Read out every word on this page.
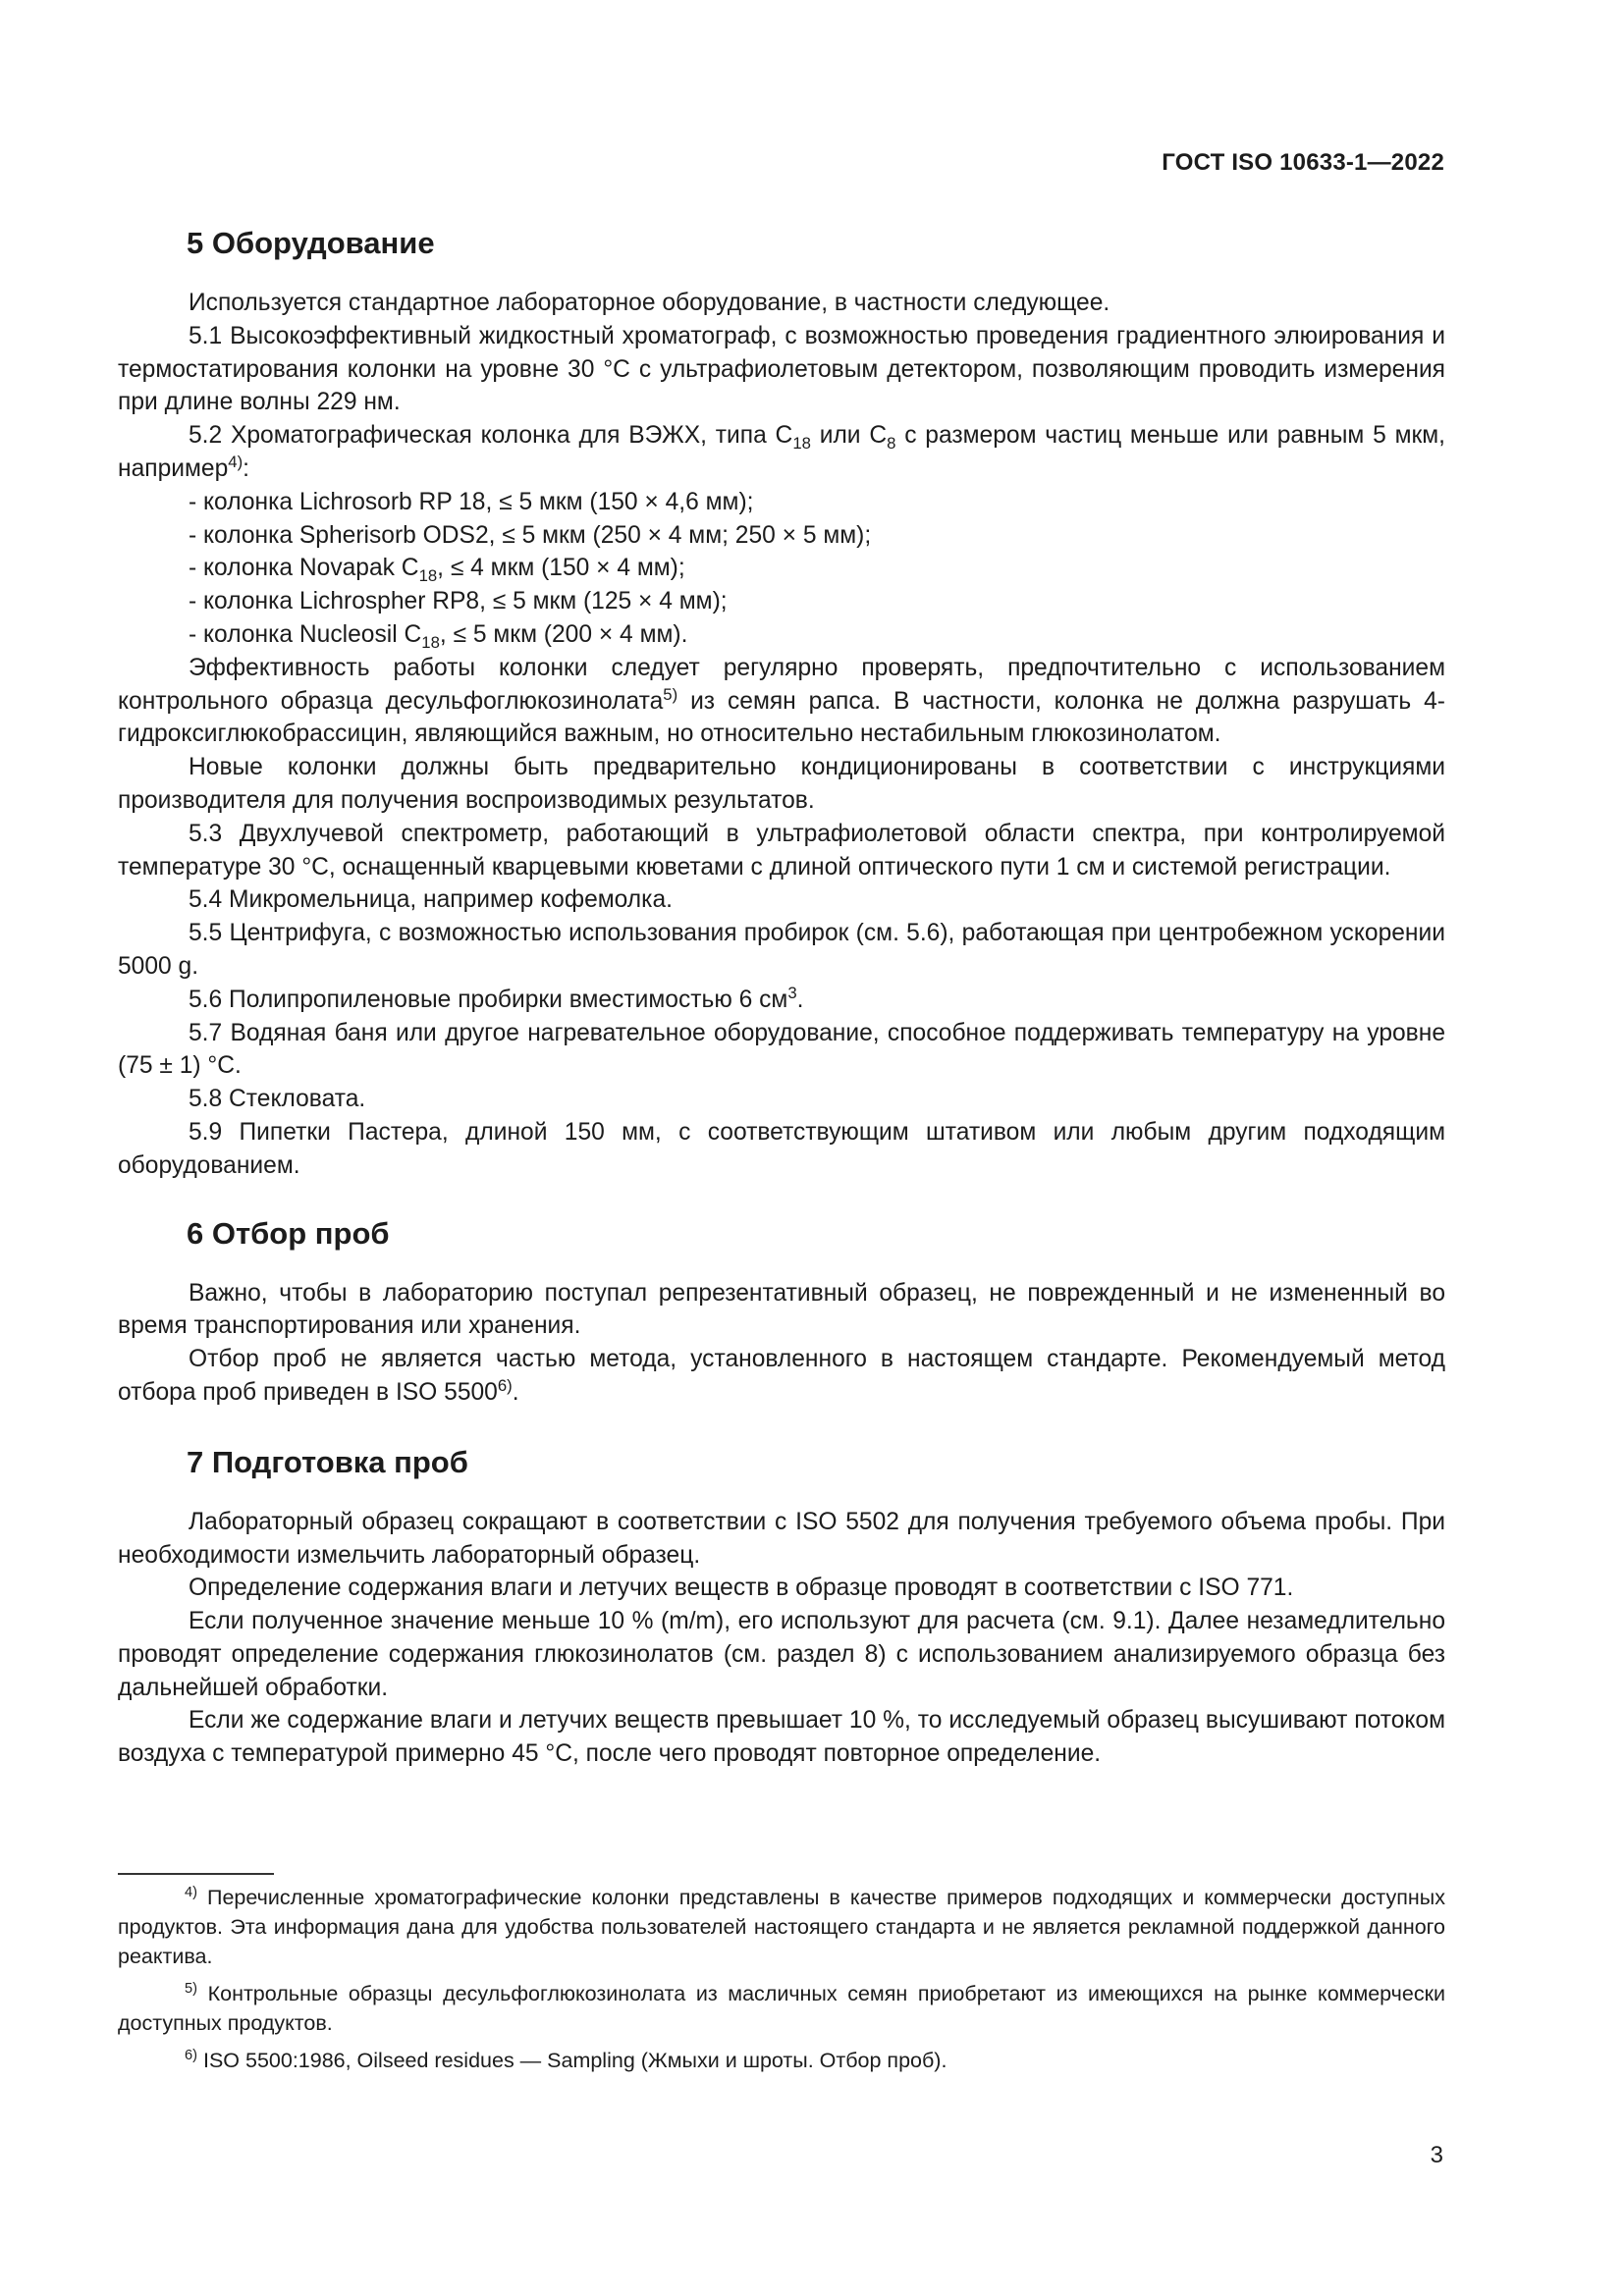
ГОСТ ISO 10633-1—2022
5 Оборудование

Используется стандартное лабораторное оборудование, в частности следующее.

5.1 Высокоэффективный жидкостный хроматограф, с возможностью проведения градиентного элюирования и термостатирования колонки на уровне 30 °C с ультрафиолетовым детектором, позволяющим проводить измерения при длине волны 229 нм.

5.2 Хроматографическая колонка для ВЭЖХ, типа $С_{18}$ или $С_8$ с размером частиц меньше или равным 5 мкм, например$^{4)}$:

- колонка Lichrosorb RP 18, ≤ 5 мкм (150 × 4,6 мм);

- колонка Spherisorb ODS2, ≤ 5 мкм (250 × 4 мм; 250 × 5 мм);

- колонка Novapak $C_{18}$, ≤ 4 мкм (150 × 4 мм);

- колонка Lichrospher RP8, ≤ 5 мкм (125 × 4 мм);

- колонка Nucleosil $C_{18}$, ≤ 5 мкм (200 × 4 мм).

Эффективность работы колонки следует регулярно проверять, предпочтительно с использованием контрольного образца десульфоглюкозинолата$^{5)}$ из семян рапса. В частности, колонка не должна разрушать 4-гидроксиглюкобрассицин, являющийся важным, но относительно нестабильным глюкозинолатом.

Новые колонки должны быть предварительно кондиционированы в соответствии с инструкциями производителя для получения воспроизводимых результатов.

5.3 Двухлучевой спектрометр, работающий в ультрафиолетовой области спектра, при контролируемой температуре 30 °C, оснащенный кварцевыми кюветами с длиной оптического пути 1 см и системой регистрации.

5.4 Микромельница, например кофемолка.

5.5 Центрифуга, с возможностью использования пробирок (см. 5.6), работающая при центробежном ускорении 5000 g.

5.6 Полипропиленовые пробирки вместимостью 6 $см^3$.

5.7 Водяная баня или другое нагревательное оборудование, способное поддерживать температуру на уровне (75 ± 1) °С.

5.8 Стекловата.

5.9 Пипетки Пастера, длиной 150 мм, с соответствующим штативом или любым другим подходящим оборудованием.

6 Отбор проб

Важно, чтобы в лабораторию поступал репрезентативный образец, не поврежденный и не измененный во время транспортирования или хранения.

Отбор проб не является частью метода, установленного в настоящем стандарте. Рекомендуемый метод отбора проб приведен в ISO 5500$^{6)}$.

7 Подготовка проб

Лабораторный образец сокращают в соответствии с ISO 5502 для получения требуемого объема пробы. При необходимости измельчить лабораторный образец.

Определение содержания влаги и летучих веществ в образце проводят в соответствии с ISO 771.

Если полученное значение меньше 10 % (m/m), его используют для расчета (см. 9.1). Далее незамедлительно проводят определение содержания глюкозинолатов (см. раздел 8) с использованием анализируемого образца без дальнейшей обработки.

Если же содержание влаги и летучих веществ превышает 10 %, то исследуемый образец высушивают потоком воздуха с температурой примерно 45 °C, после чего проводят повторное определение.

$^{4)}$ Перечисленные хроматографические колонки представлены в качестве примеров подходящих и коммерчески доступных продуктов. Эта информация дана для удобства пользователей настоящего стандарта и не является рекламной поддержкой данного реактива.

$^{5)}$ Контрольные образцы десульфоглюкозинолата из масличных семян приобретают из имеющихся на рынке коммерчески доступных продуктов.

$^{6)}$ ISO 5500:1986, Oilseed residues — Sampling (Жмыхи и шроты. Отбор проб).

3
